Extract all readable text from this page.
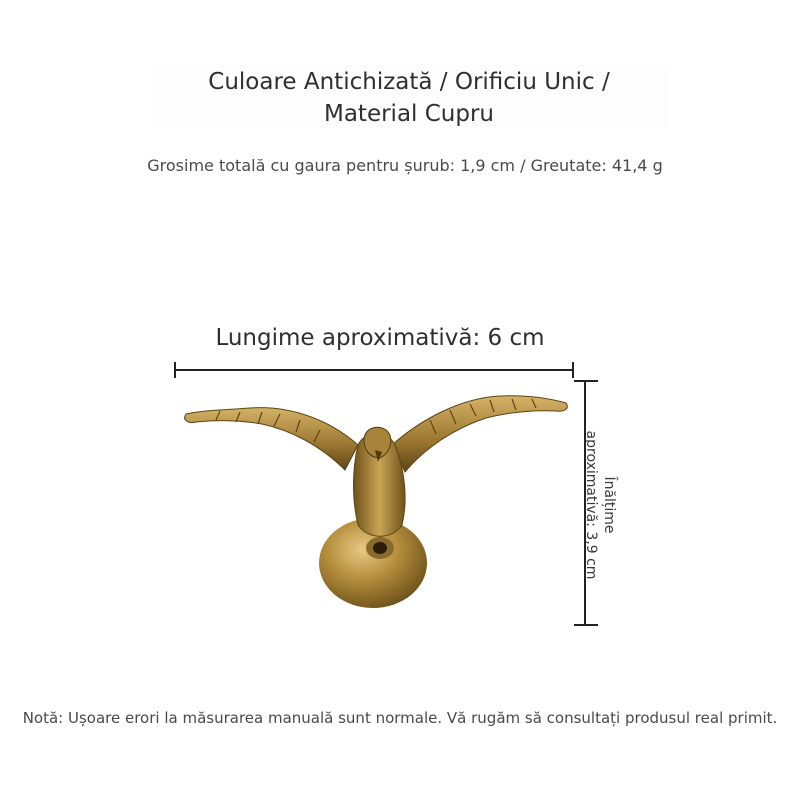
Culoare Antichizată / Orificiu Unic /
Material Cupru
Grosime totală cu gaura pentru șurub: 1,9 cm / Greutate: 41,4 g
Lungime aproximativă: 6 cm
Înălțime
aproximativă: 3,9 cm
Notă: Ușoare erori la măsurarea manuală sunt normale. Vă rugăm să consultați produsul real primit.
